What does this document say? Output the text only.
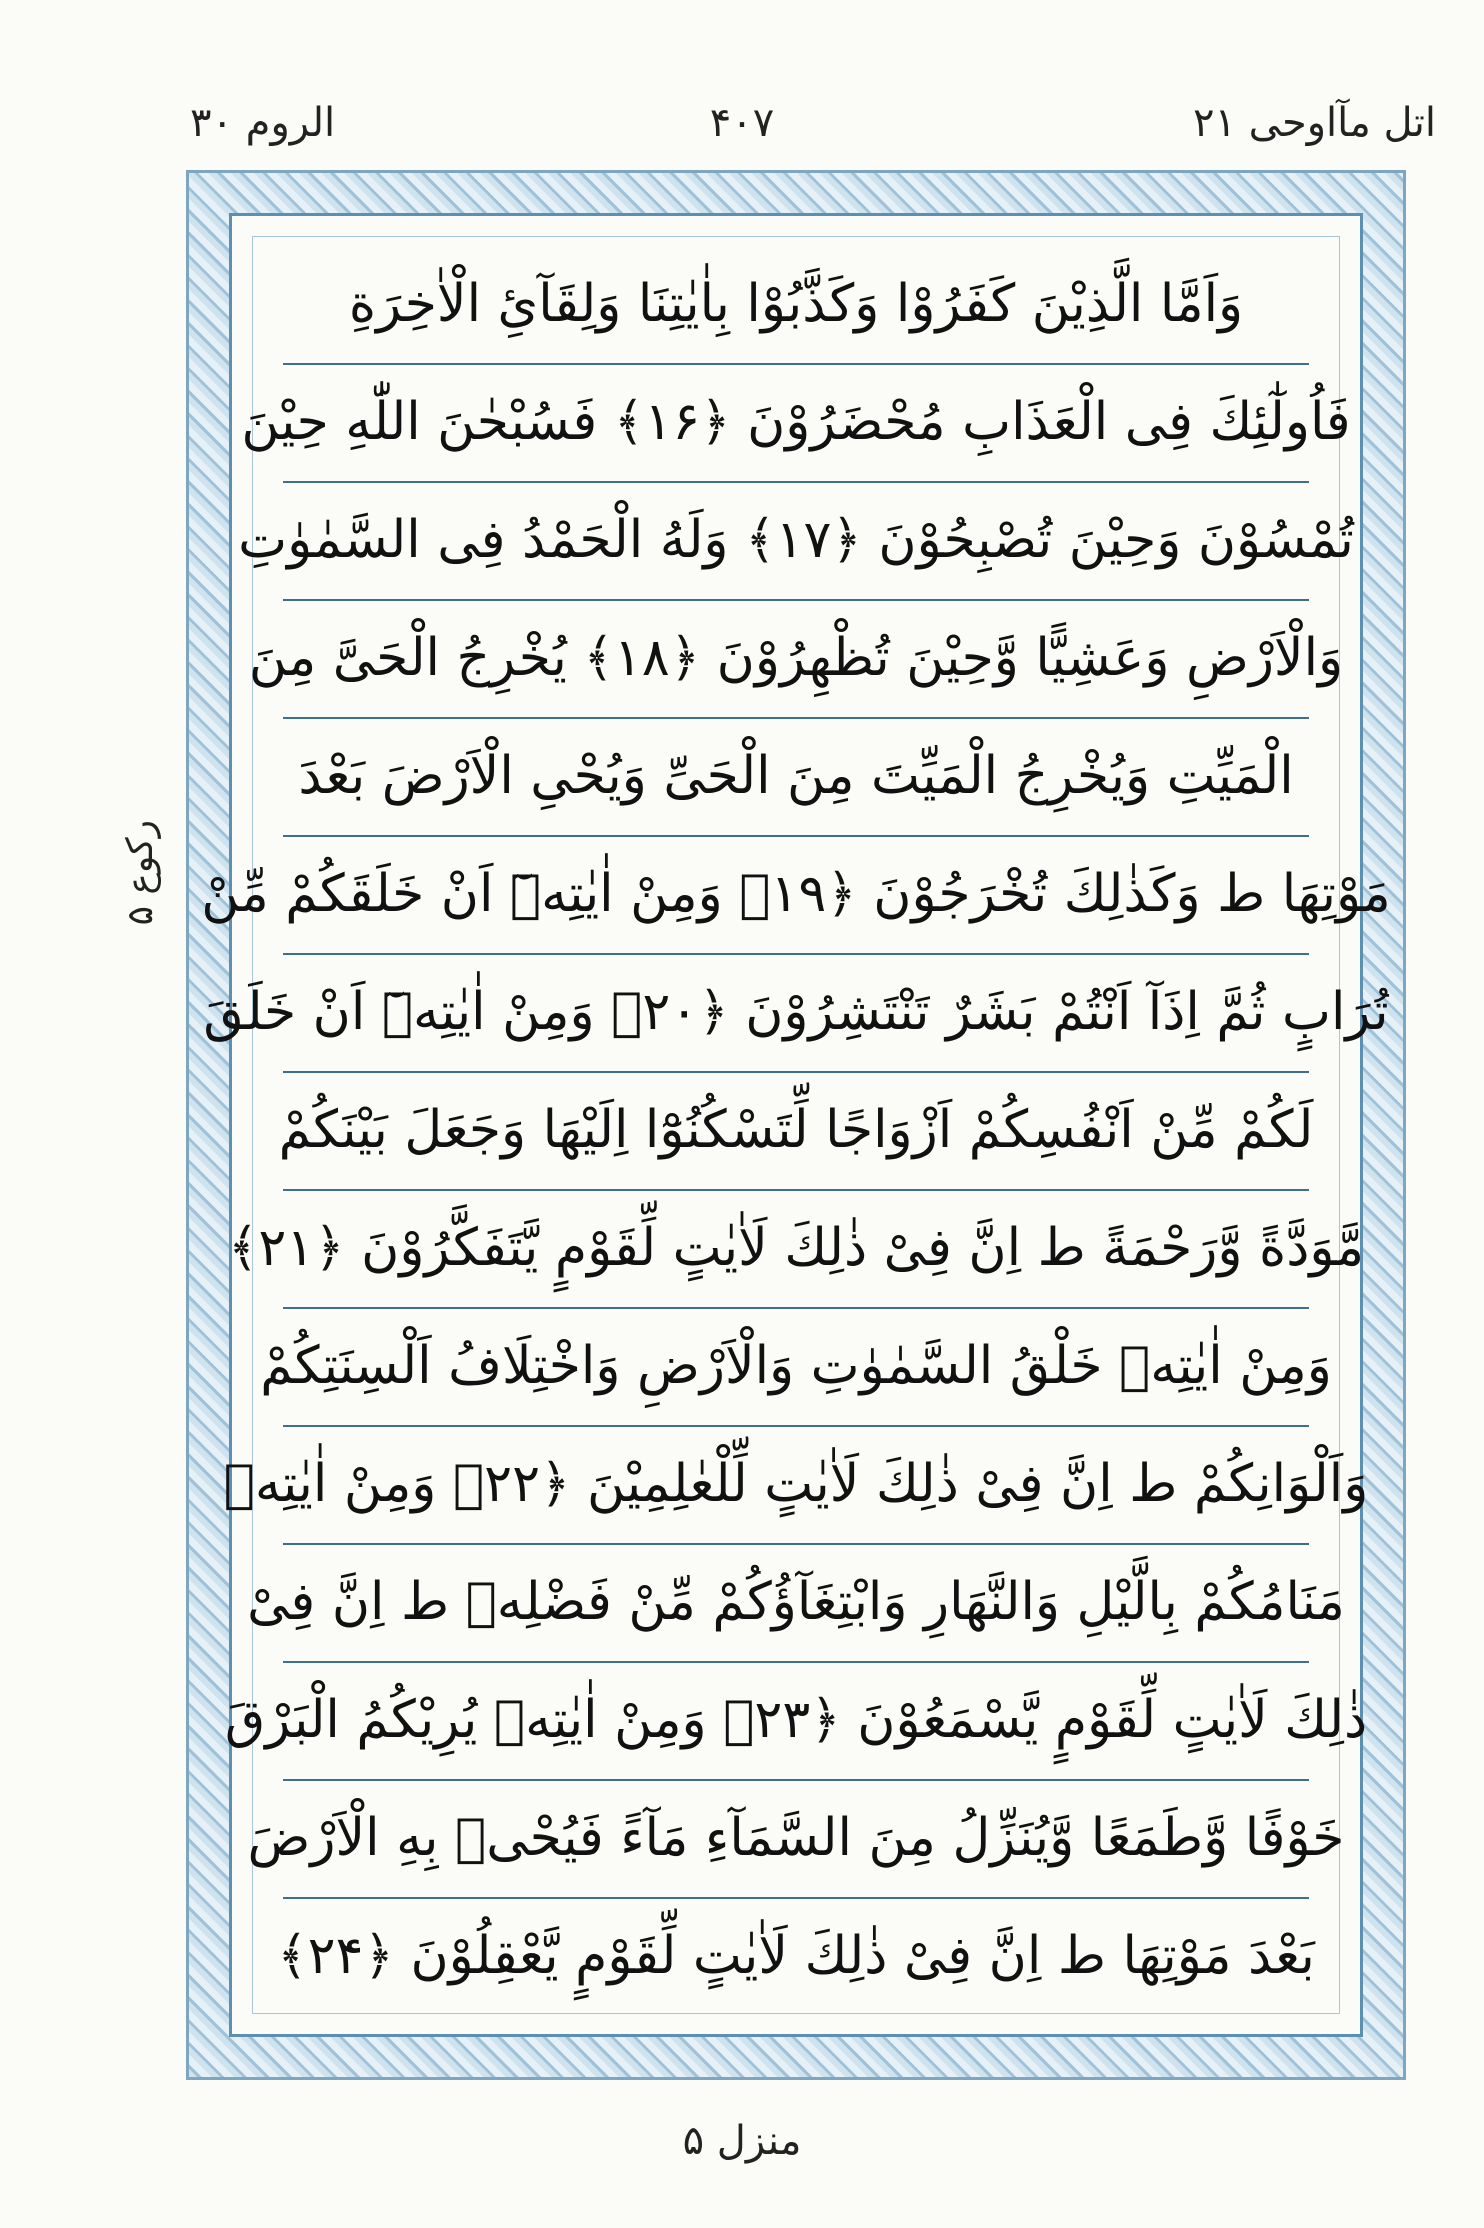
اتل مآاوحی ۲۱
۴۰۷
الروم ۳۰
رکوع ۵
وَاَمَّا الَّذِيْنَ كَفَرُوْا وَكَذَّبُوْا بِاٰيٰتِنَا وَلِقَآئِ الْاٰخِرَةِ
فَاُولٰٓئِكَ فِى الْعَذَابِ مُحْضَرُوْنَ ﴿۱۶﴾ فَسُبْحٰنَ اللّٰهِ حِيْنَ
تُمْسُوْنَ وَحِيْنَ تُصْبِحُوْنَ ﴿۱۷﴾ وَلَهُ الْحَمْدُ فِى السَّمٰوٰتِ
وَالْاَرْضِ وَعَشِيًّا وَّحِيْنَ تُظْهِرُوْنَ ﴿۱۸﴾ يُخْرِجُ الْحَىَّ مِنَ
الْمَيِّتِ وَيُخْرِجُ الْمَيِّتَ مِنَ الْحَىِّ وَيُحْىِ الْاَرْضَ بَعْدَ
مَوْتِهَا ط وَكَذٰلِكَ تُخْرَجُوْنَ ﴿۱۹﴾ وَمِنْ اٰيٰتِهٖٓ اَنْ خَلَقَكُمْ مِّنْ
تُرَابٍ ثُمَّ اِذَآ اَنْتُمْ بَشَرٌ تَنْتَشِرُوْنَ ﴿۲۰﴾ وَمِنْ اٰيٰتِهٖٓ اَنْ خَلَقَ
لَكُمْ مِّنْ اَنْفُسِكُمْ اَزْوَاجًا لِّتَسْكُنُوْٓا اِلَيْهَا وَجَعَلَ بَيْنَكُمْ
مَّوَدَّةً وَّرَحْمَةً ط اِنَّ فِىْ ذٰلِكَ لَاٰيٰتٍ لِّقَوْمٍ يَّتَفَكَّرُوْنَ ﴿۲۱﴾
وَمِنْ اٰيٰتِهٖ خَلْقُ السَّمٰوٰتِ وَالْاَرْضِ وَاخْتِلَافُ اَلْسِنَتِكُمْ
وَاَلْوَانِكُمْ ط اِنَّ فِىْ ذٰلِكَ لَاٰيٰتٍ لِّلْعٰلِمِيْنَ ﴿۲۲﴾ وَمِنْ اٰيٰتِهٖ
مَنَامُكُمْ بِالَّيْلِ وَالنَّهَارِ وَابْتِغَآؤُكُمْ مِّنْ فَضْلِهٖ ط اِنَّ فِىْ
ذٰلِكَ لَاٰيٰتٍ لِّقَوْمٍ يَّسْمَعُوْنَ ﴿۲۳﴾ وَمِنْ اٰيٰتِهٖ يُرِيْكُمُ الْبَرْقَ
خَوْفًا وَّطَمَعًا وَّيُنَزِّلُ مِنَ السَّمَآءِ مَآءً فَيُحْىٖ بِهِ الْاَرْضَ
بَعْدَ مَوْتِهَا ط اِنَّ فِىْ ذٰلِكَ لَاٰيٰتٍ لِّقَوْمٍ يَّعْقِلُوْنَ ﴿۲۴﴾
منزل ۵
